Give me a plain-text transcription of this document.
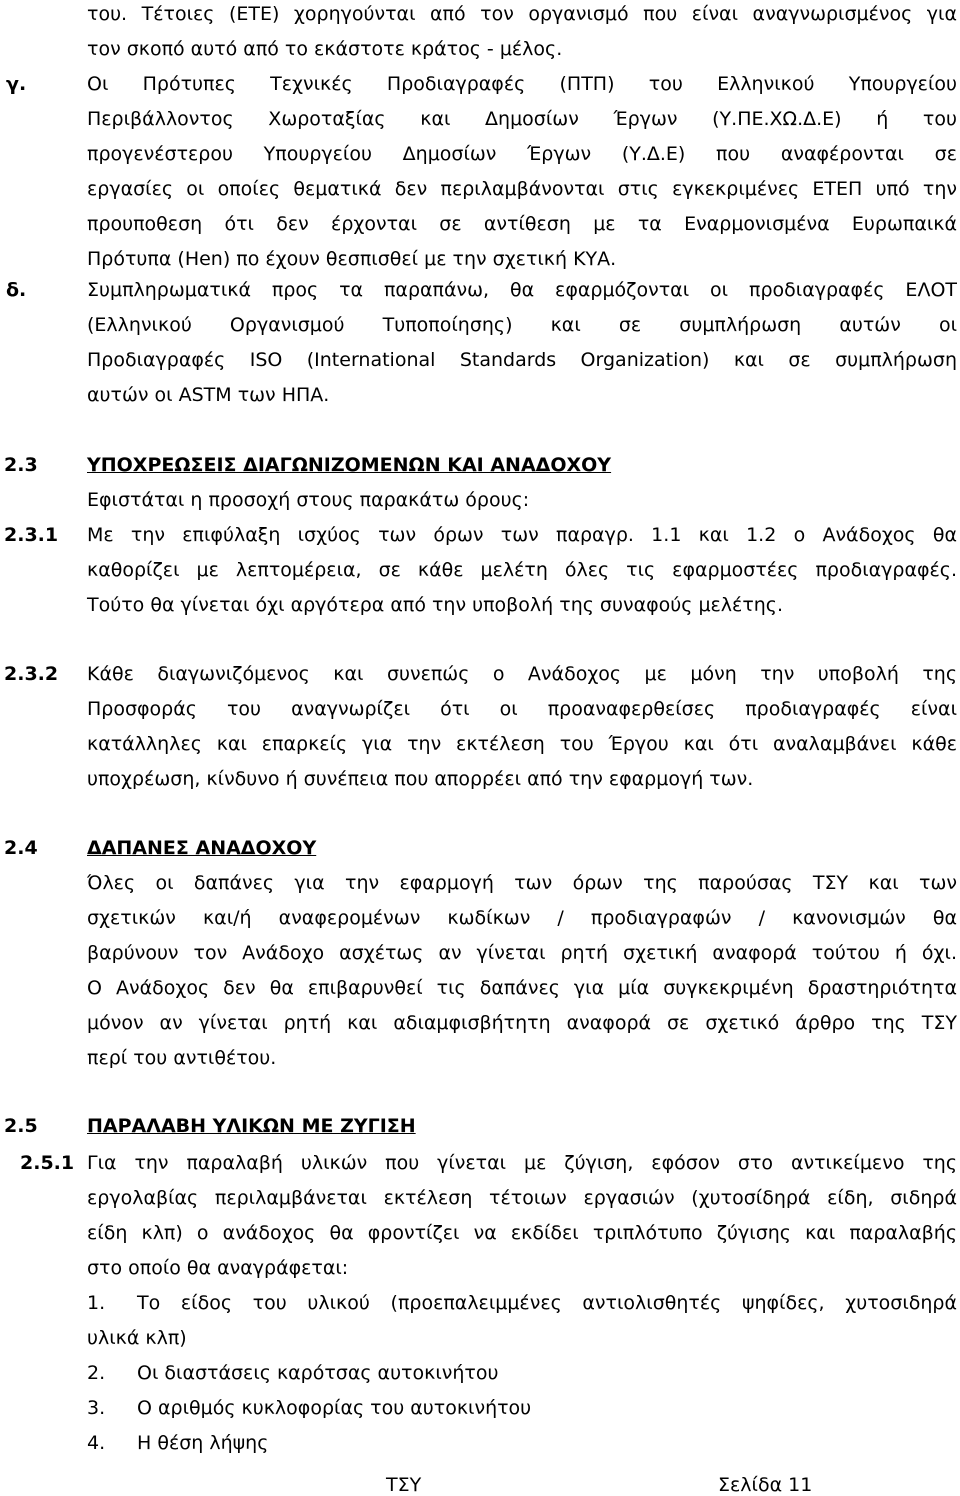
του. Τέτοιες (ΕΤΕ) χορηγούνται από τον οργανισμό που είναι αναγνωρισμένος για
τον σκοπό αυτό από το εκάστοτε κράτος - μέλος.
γ.	Οι Πρότυπες Τεχνικές Προδιαγραφές (ΠΤΠ) του Ελληνικού Υπουργείου
Περιβάλλοντος Χωροταξίας και Δημοσίων Έργων (Υ.ΠΕ.ΧΩ.Δ.Ε) ή του
προγενέστερου Υπουργείου Δημοσίων Έργων (Υ.Δ.Ε) που αναφέρονται σε
εργασίες οι οποίες θεματικά δεν περιλαμβάνονται στις εγκεκριμένες ΕΤΕΠ υπό την
προυποθεση ότι δεν έρχονται σε αντίθεση με τα Εναρμονισμένα Ευρωπαικά
Πρότυπα (Hen) πο έχουν θεσπισθεί με την σχετική ΚΥΑ.
δ.	Συμπληρωματικά προς τα παραπάνω, θα εφαρμόζονται οι προδιαγραφές ΕΛΟΤ
(Ελληνικού Οργανισμού Τυποποίησης) και σε συμπλήρωση αυτών οι
Προδιαγραφές ISO (International Standards Organization) και σε συμπλήρωση
αυτών οι ASTM των ΗΠΑ.
2.3	ΥΠΟΧΡΕΩΣΕΙΣ ΔΙΑΓΩΝΙΖΟΜΕΝΩΝ ΚΑΙ ΑΝΑΔΟΧΟΥ
Εφιστάται η προσοχή στους παρακάτω όρους:
2.3.1 Με την επιφύλαξη ισχύος των όρων των παραγρ. 1.1 και 1.2 ο Ανάδοχος θα
καθορίζει με λεπτομέρεια, σε κάθε μελέτη όλες τις εφαρμοστέες προδιαγραφές.
Τούτο θα γίνεται όχι αργότερα από την υποβολή της συναφούς μελέτης.
2.3.2 Κάθε διαγωνιζόμενος και συνεπώς ο Ανάδοχος με μόνη την υποβολή της
Προσφοράς του αναγνωρίζει ότι οι προαναφερθείσες προδιαγραφές είναι
κατάλληλες και επαρκείς για την εκτέλεση του Έργου και ότι αναλαμβάνει κάθε
υποχρέωση, κίνδυνο ή συνέπεια που απορρέει από την εφαρμογή των.
2.4	ΔΑΠΑΝΕΣ ΑΝΑΔΟΧΟΥ
Όλες οι δαπάνες για την εφαρμογή των όρων της παρούσας ΤΣΥ και των
σχετικών και/ή αναφερομένων κωδίκων / προδιαγραφών / κανονισμών θα
βαρύνουν τον Ανάδοχο ασχέτως αν γίνεται ρητή σχετική αναφορά τούτου ή όχι.
Ο Ανάδοχος δεν θα επιβαρυνθεί τις δαπάνες για μία συγκεκριμένη δραστηριότητα
μόνον αν γίνεται ρητή και αδιαμφισβήτητη αναφορά σε σχετικό άρθρο της ΤΣΥ
περί του αντιθέτου.
2.5	ΠΑΡΑΛΑΒΗ ΥΛΙΚΩΝ ΜΕ ΖΥΓΙΣΗ
2.5.1 Για την παραλαβή υλικών που γίνεται με ζύγιση, εφόσον στο αντικείμενο της
εργολαβίας περιλαμβάνεται εκτέλεση τέτοιων εργασιών (χυτοσίδηρά είδη, σιδηρά
είδη κλπ) ο ανάδοχος θα φροντίζει να εκδίδει τριπλότυπο ζύγισης και παραλαβής
στο οποίο θα αναγράφεται:
1. Το είδος του υλικού (προεπαλειμμένες αντιολισθητές ψηφίδες, χυτοσιδηρά
υλικά κλπ)
2. Οι διαστάσεις καρότσας αυτοκινήτου
3. Ο αριθμός κυκλοφορίας του αυτοκινήτου
4. Η θέση λήψης
ΤΣΥ	Σελίδα 11
